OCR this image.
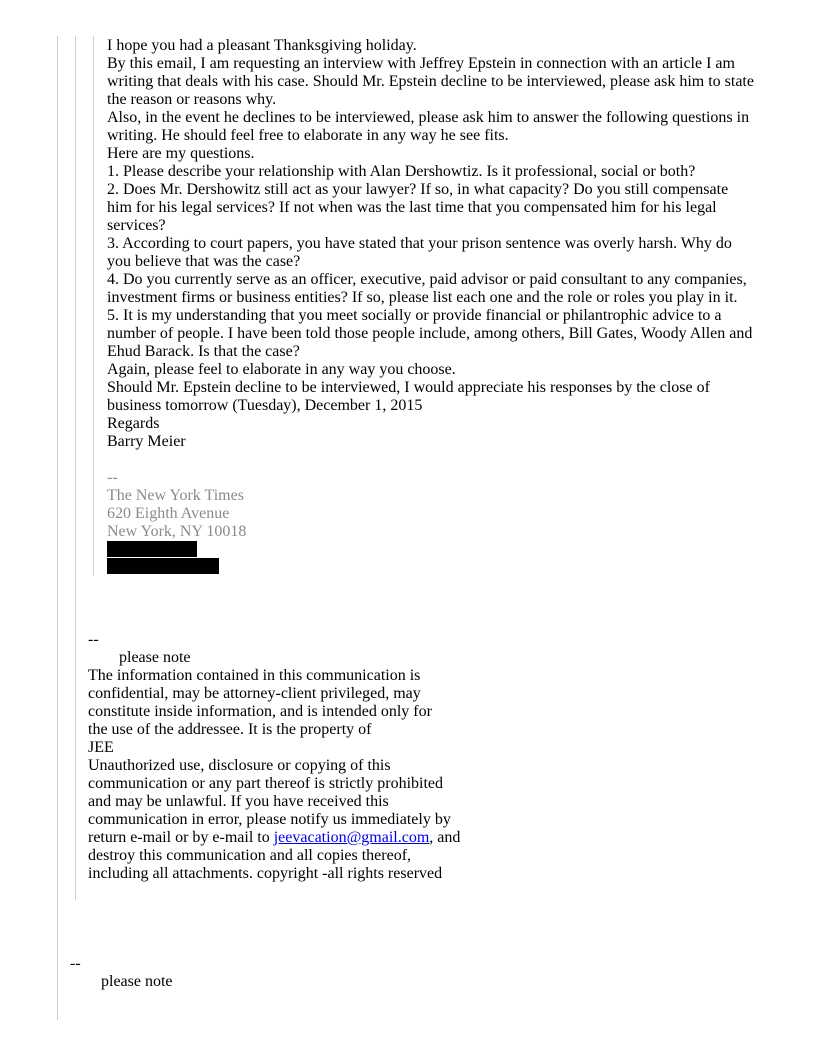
I hope you had a pleasant Thanksgiving holiday.

By this email, I am requesting an interview with Jeffrey Epstein in connection with an article I am writing that deals with his case. Should Mr. Epstein decline to be interviewed, please ask him to state the reason or reasons why.

Also, in the event he declines to be interviewed, please ask him to answer the following questions in writing. He should feel free to elaborate in any way he see fits.

Here are my questions.

1. Please describe your relationship with Alan Dershowtiz. Is it professional, social or both?

2. Does Mr. Dershowitz still act as your lawyer? If so, in what capacity? Do you still compensate him for his legal services? If not when was the last time that you compensated him for his legal services?

3. According to court papers, you have stated that your prison sentence was overly harsh. Why do you believe that was the case?

4. Do you currently serve as an officer, executive, paid advisor or paid consultant to any companies, investment firms or business entities? If so, please list each one and the role or roles you play in it.

5. It is my understanding that you meet socially or provide financial or philantrophic advice to a number of people. I have been told those people include, among others, Bill Gates, Woody Allen and Ehud Barack. Is that the case?

Again, please feel to elaborate in any way you choose.

Should Mr. Epstein decline to be interviewed, I would appreciate his responses by the close of business tomorrow (Tuesday), December 1, 2015

Regards

Barry Meier

--
The New York Times
620 Eighth Avenue
New York, NY 10018
--
please note
The information contained in this communication is
confidential, may be attorney-client privileged, may
constitute inside information, and is intended only for
the use of the addressee. It is the property of
JEE
Unauthorized use, disclosure or copying of this
communication or any part thereof is strictly prohibited
and may be unlawful. If you have received this
communication in error, please notify us immediately by
return e-mail or by e-mail to jeevacation@gmail.com, and
destroy this communication and all copies thereof,
including all attachments. copyright -all rights reserved
--
please note
